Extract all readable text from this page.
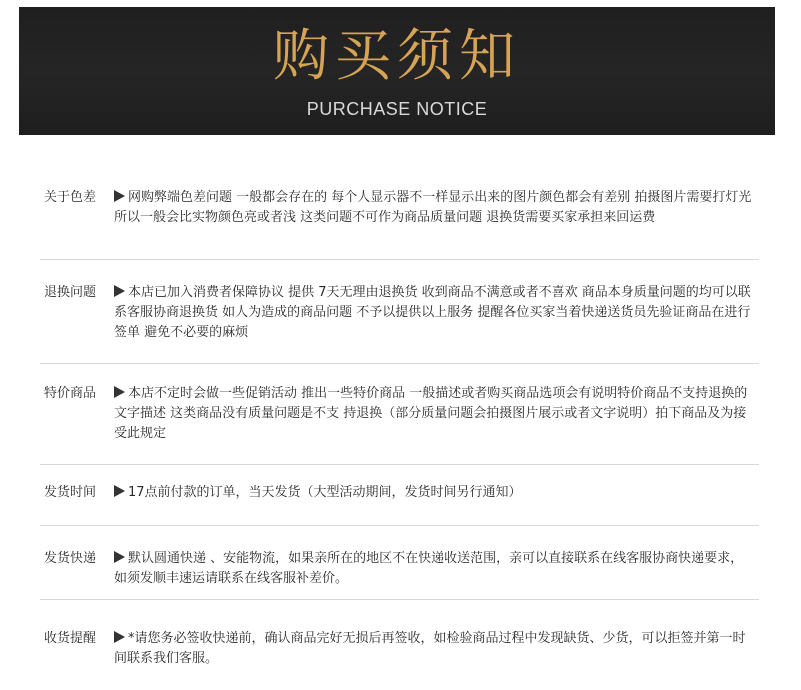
购买须知
PURCHASE NOTICE
关于色差	网购弊端色差问题 一般都会存在的 每个人显示器不一样显示出来的图片颜色都会有差别 拍摄图片需要打灯光 所以一般会比实物颜色亮或者浅 这类问题不可作为商品质量问题 退换货需要买家承担来回运费
退换问题	本店已加入消费者保障协议 提供 7天无理由退换货 收到商品不满意或者不喜欢 商品本身质量问题的均可以联系客服协商退换货 如人为造成的商品问题 不予以提供以上服务 提醒各位买家当着快递送货员先验证商品在进行签单 避免不必要的麻烦
特价商品	本店不定时会做一些促销活动 推出一些特价商品 一般描述或者购买商品选项会有说明特价商品不支持退换的文字描述 这类商品没有质量问题是不支 持退换（部分质量问题会拍摄图片展示或者文字说明）拍下商品及为接受此规定
发货时间	17点前付款的订单，当天发货（大型活动期间，发货时间另行通知）
发货快递	默认圆通快递 、安能物流，如果亲所在的地区不在快递收送范围，亲可以直接联系在线客服协商快递要求，如须发顺丰速运请联系在线客服补差价。
收货提醒	*请您务必签收快递前，确认商品完好无损后再签收，如检验商品过程中发现缺货、少货，可以拒签并第一时间联系我们客服。
